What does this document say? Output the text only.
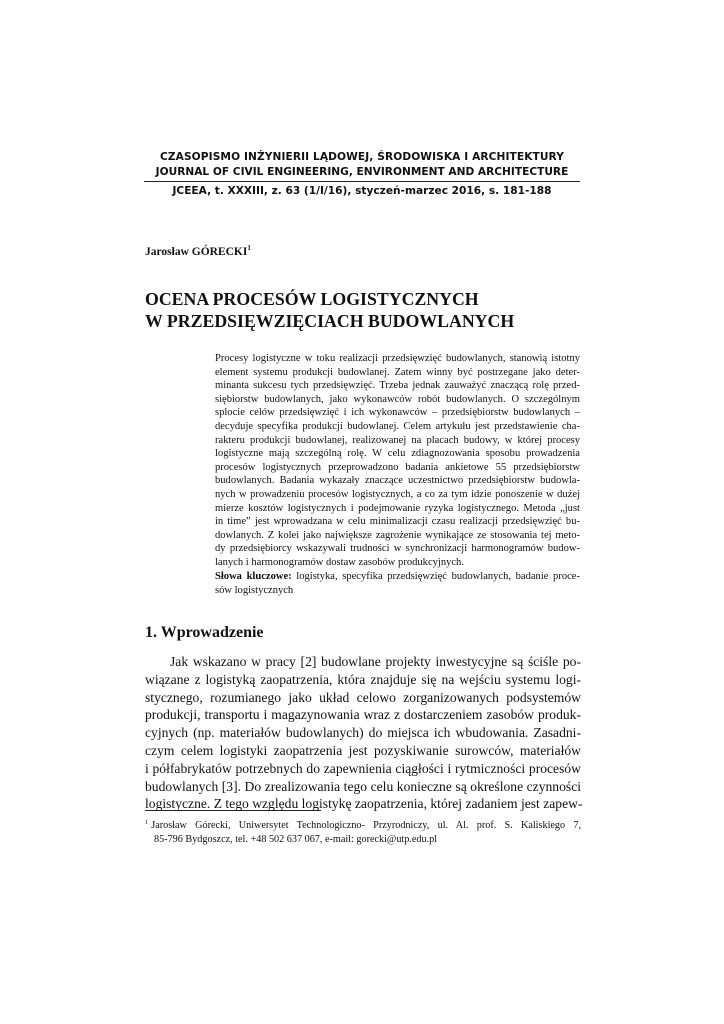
CZASOPISMO INŻYNIERII LĄDOWEJ, ŚRODOWISKA I ARCHITEKTURY
JOURNAL OF CIVIL ENGINEERING, ENVIRONMENT AND ARCHITECTURE
JCEEA, t. XXXIII, z. 63 (1/I/16), styczeń-marzec 2016, s. 181-188
Jarosław GÓRECKI$^1$
OCENA PROCESÓW LOGISTYCZNYCH
W PRZEDSIĘWZIĘCIACH BUDOWLANYCH
Procesy logistyczne w toku realizacji przedsięwzięć budowlanych, stanowią istotny
element systemu produkcji budowlanej. Zatem winny być postrzegane jako deter-
minanta sukcesu tych przedsięwzięć. Trzeba jednak zauważyć znaczącą rolę przed-
siębiorstw budowlanych, jako wykonawców robót budowlanych. O szczególnym
splocie celów przedsięwzięć i ich wykonawców – przedsiębiorstw budowlanych –
decyduje specyfika produkcji budowlanej. Celem artykułu jest przedstawienie cha-
rakteru produkcji budowlanej, realizowanej na placach budowy, w której procesy
logistyczne mają szczególną rolę. W celu zdiagnozowania sposobu prowadzenia
procesów logistycznych przeprowadzono badania ankietowe 55 przedsiębiorstw
budowlanych. Badania wykazały znaczące uczestnictwo przedsiębiorstw budowla-
nych w prowadzeniu procesów logistycznych, a co za tym idzie ponoszenie w dużej
mierze kosztów logistycznych i podejmowanie ryzyka logistycznego. Metoda „just
in time” jest wprowadzana w celu minimalizacji czasu realizacji przedsięwzięć bu-
dowlanych. Z kolei jako największe zagrożenie wynikające ze stosowania tej meto-
dy przedsiębiorcy wskazywali trudności w synchronizacji harmonogramów budow-
lanych i harmonogramów dostaw zasobów produkcyjnych.
Słowa kluczowe: logistyka, specyfika przedsięwzięć budowlanych, badanie proce-
sów logistycznych
1. Wprowadzenie
Jak wskazano w pracy [2] budowlane projekty inwestycyjne są ściśle po-
wiązane z logistyką zaopatrzenia, która znajduje się na wejściu systemu logi-
stycznego, rozumianego jako układ celowo zorganizowanych podsystemów
produkcji, transportu i magazynowania wraz z dostarczeniem zasobów produk-
cyjnych (np. materiałów budowlanych) do miejsca ich wbudowania. Zasadni-
czym celem logistyki zaopatrzenia jest pozyskiwanie surowców, materiałów
i półfabrykatów potrzebnych do zapewnienia ciągłości i rytmiczności procesów
budowlanych [3]. Do zrealizowania tego celu konieczne są określone czynności
logistyczne. Z tego względu logistykę zaopatrzenia, której zadaniem jest zapew-
$^1$ Jarosław Górecki, Uniwersytet Technologiczno- Przyrodniczy, ul. Al. prof. S. Kaliskiego 7,
85-796 Bydgoszcz, tel. +48 502 637 067, e-mail: gorecki@utp.edu.pl
